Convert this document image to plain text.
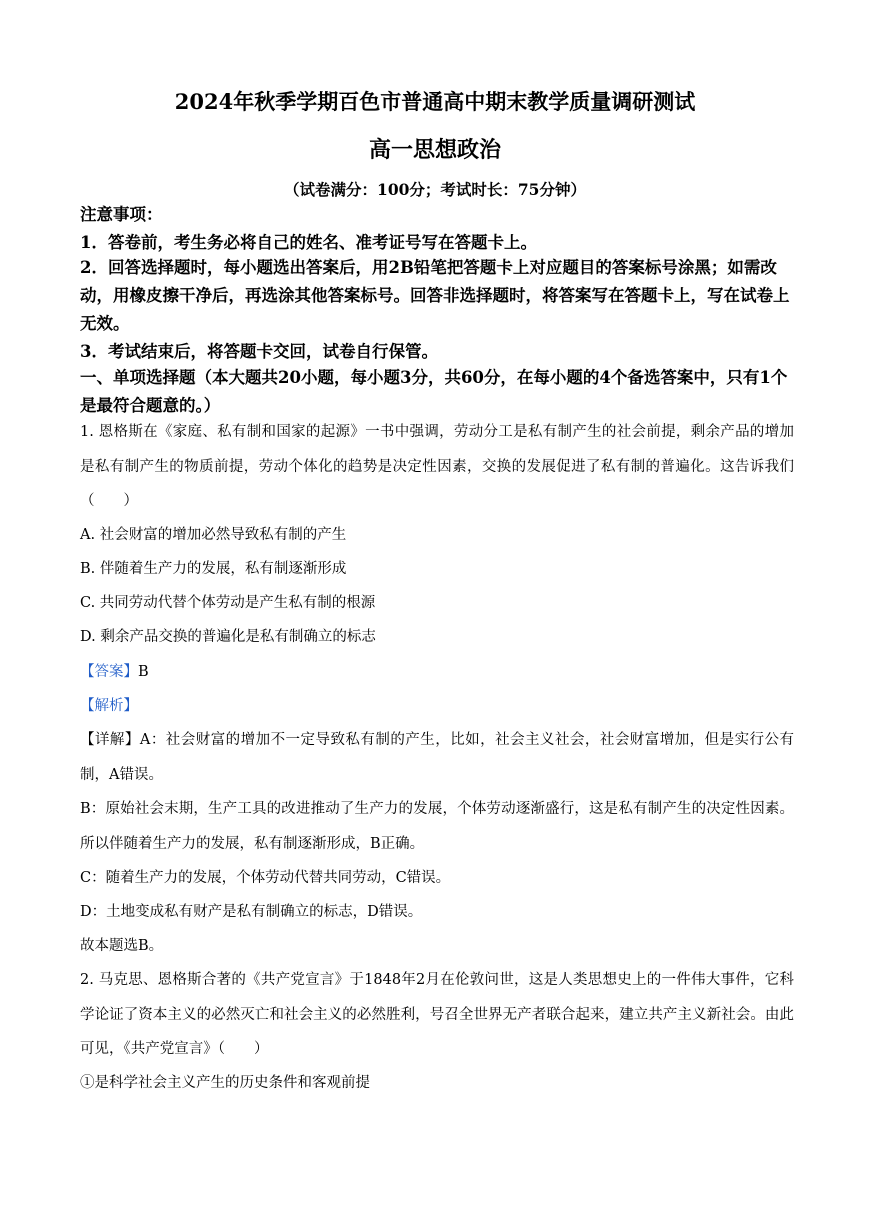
2024年秋季学期百色市普通高中期末教学质量调研测试
高一思想政治
（试卷满分：100分；考试时长：75分钟）
注意事项：
1．答卷前，考生务必将自己的姓名、准考证号写在答题卡上。
2．回答选择题时，每小题选出答案后，用2B铅笔把答题卡上对应题目的答案标号涂黑；如需改动，用橡皮擦干净后，再选涂其他答案标号。回答非选择题时，将答案写在答题卡上，写在试卷上无效。
3．考试结束后，将答题卡交回，试卷自行保管。
一、单项选择题（本大题共20小题，每小题3分，共60分，在每小题的4个备选答案中，只有1个是最符合题意的。）
1. 恩格斯在《家庭、私有制和国家的起源》一书中强调，劳动分工是私有制产生的社会前提，剩余产品的增加是私有制产生的物质前提，劳动个体化的趋势是决定性因素，交换的发展促进了私有制的普遍化。这告诉我们（　　）
A. 社会财富的增加必然导致私有制的产生
B. 伴随着生产力的发展，私有制逐渐形成
C. 共同劳动代替个体劳动是产生私有制的根源
D. 剩余产品交换的普遍化是私有制确立的标志
【答案】B
【解析】
【详解】A：社会财富的增加不一定导致私有制的产生，比如，社会主义社会，社会财富增加，但是实行公有制，A错误。
B：原始社会末期，生产工具的改进推动了生产力的发展，个体劳动逐渐盛行，这是私有制产生的决定性因素。所以伴随着生产力的发展，私有制逐渐形成，B正确。
C：随着生产力的发展，个体劳动代替共同劳动，C错误。
D：土地变成私有财产是私有制确立的标志，D错误。
故本题选B。
2. 马克思、恩格斯合著的《共产党宣言》于1848年2月在伦敦问世，这是人类思想史上的一件伟大事件，它科学论证了资本主义的必然灭亡和社会主义的必然胜利，号召全世界无产者联合起来，建立共产主义新社会。由此可见，《共产党宣言》（　　）
①是科学社会主义产生的历史条件和客观前提
